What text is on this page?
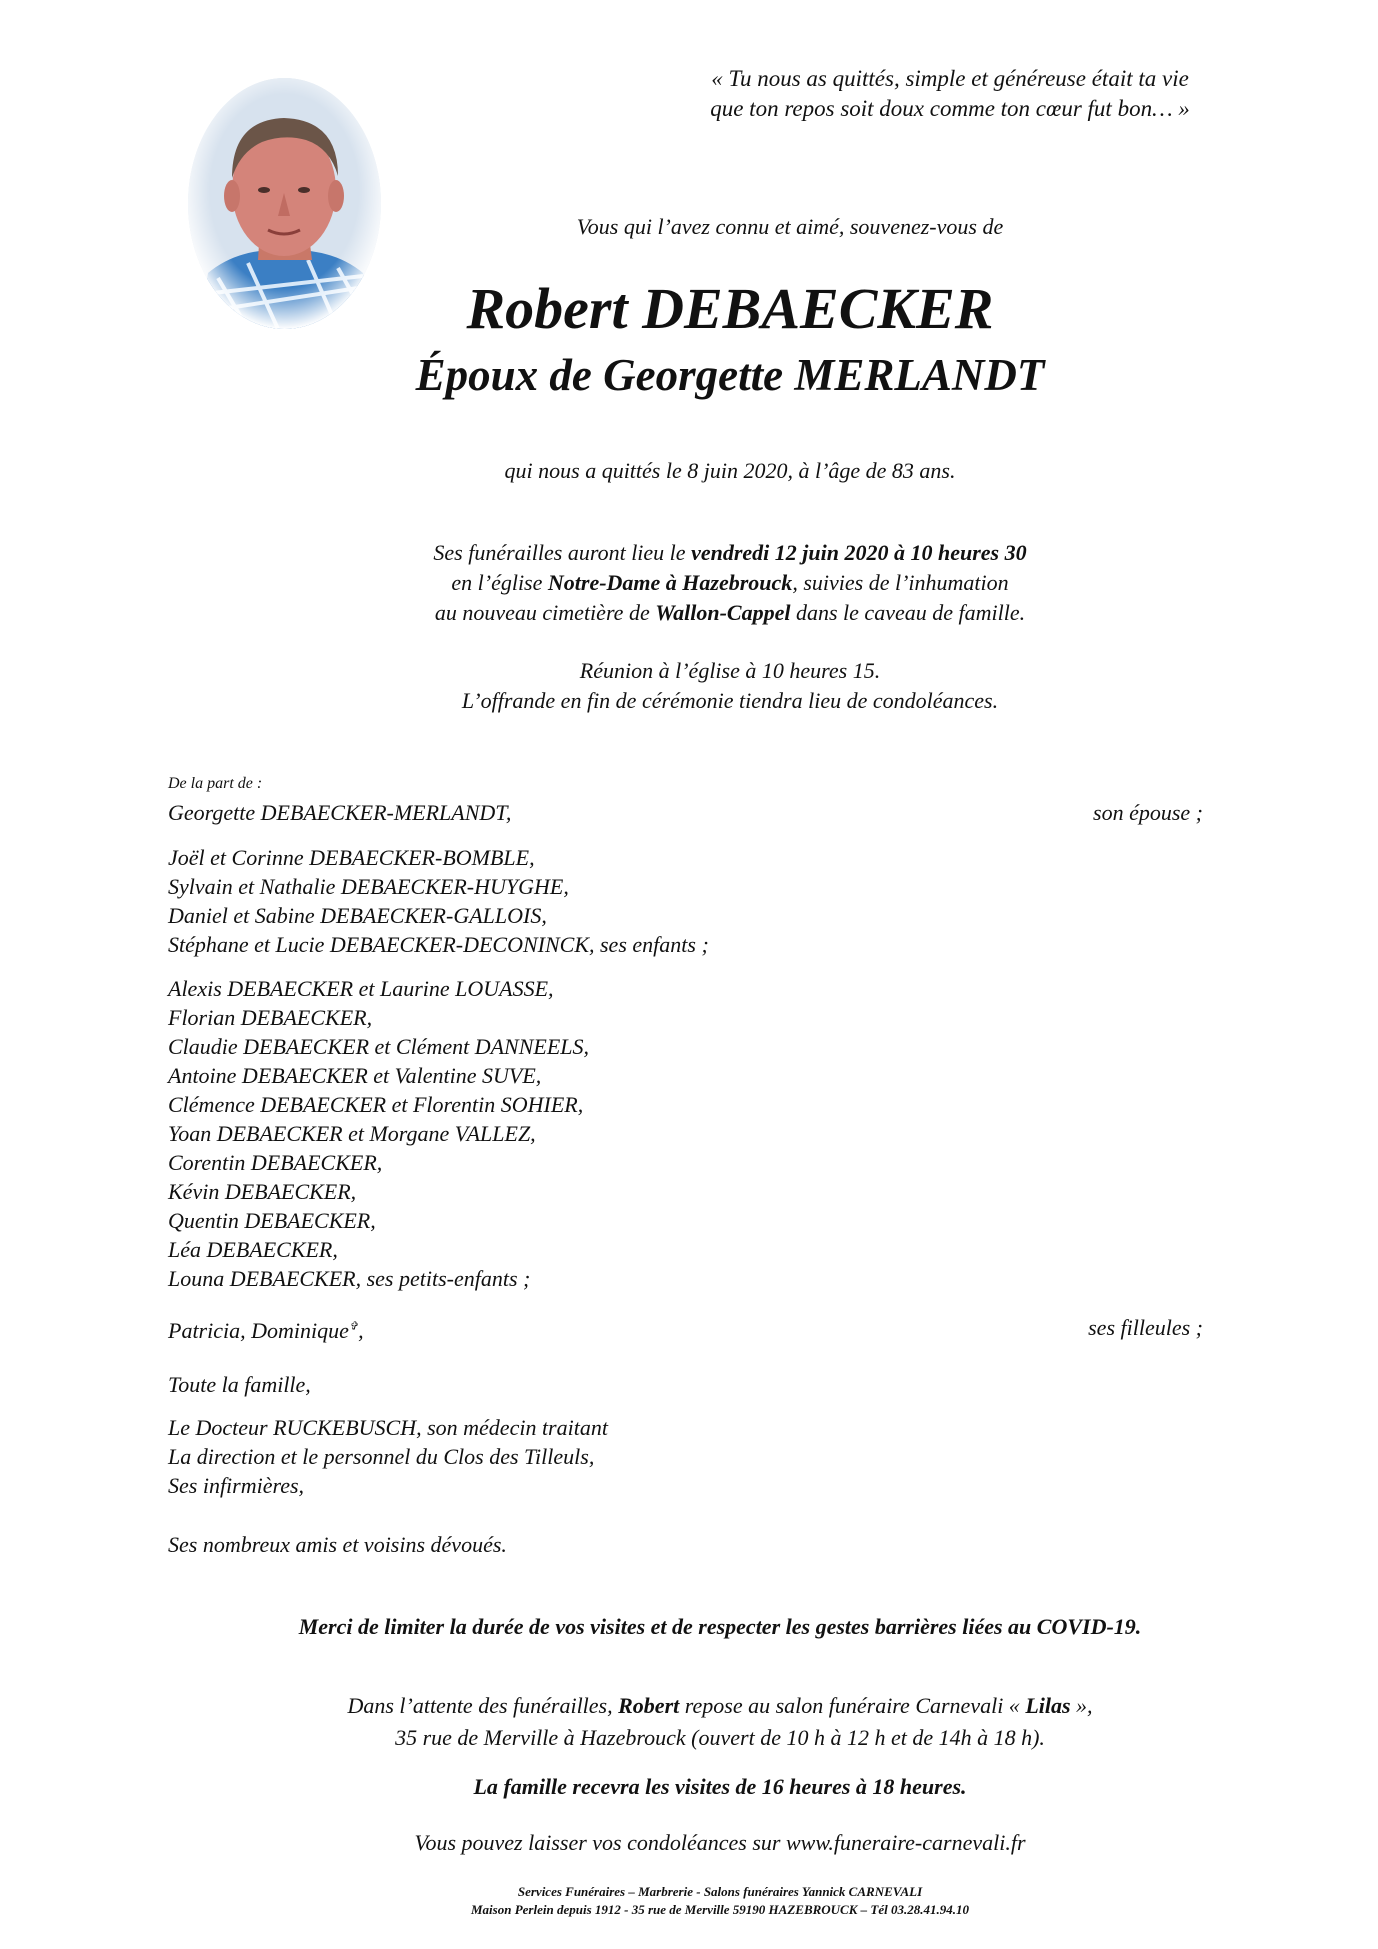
« Tu nous as quittés, simple et généreuse était ta vie
que ton repos soit doux comme ton cœur fut bon… »
Vous qui l’avez connu et aimé, souvenez-vous de
Robert DEBAECKER
Époux de Georgette MERLANDT
qui nous a quittés le 8 juin 2020, à l’âge de 83 ans.
Ses funérailles auront lieu le vendredi 12 juin 2020 à 10 heures 30
en l’église Notre-Dame à Hazebrouck, suivies de l’inhumation
au nouveau cimetière de Wallon-Cappel dans le caveau de famille.
Réunion à l’église à 10 heures 15.
L’offrande en fin de cérémonie tiendra lieu de condoléances.
De la part de :
Georgette DEBAECKER-MERLANDT,	son épouse ;
Joël et Corinne DEBAECKER-BOMBLE,
Sylvain et Nathalie DEBAECKER-HUYGHE,
Daniel et Sabine DEBAECKER-GALLOIS,
Stéphane et Lucie DEBAECKER-DECONINCK, ses enfants ;
Alexis DEBAECKER et Laurine LOUASSE,
Florian DEBAECKER,
Claudie DEBAECKER et Clément DANNEELS,
Antoine DEBAECKER et Valentine SUVE,
Clémence DEBAECKER et Florentin SOHIER,
Yoan DEBAECKER et Morgane VALLEZ,
Corentin DEBAECKER,
Kévin DEBAECKER,
Quentin DEBAECKER,
Léa DEBAECKER,
Louna DEBAECKER, ses petits-enfants ;
Patricia, Dominique✞,	ses filleules ;
Toute la famille,
Le Docteur RUCKEBUSCH, son médecin traitant
La direction et le personnel du Clos des Tilleuls,
Ses infirmières,
Ses nombreux amis et voisins dévoués.
Merci de limiter la durée de vos visites et de respecter les gestes barrières liées au COVID-19.
Dans l’attente des funérailles, Robert repose au salon funéraire Carnevali « Lilas »,
35 rue de Merville à Hazebrouck (ouvert de 10 h à 12 h et de 14h à 18 h).
La famille recevra les visites de 16 heures à 18 heures.
Vous pouvez laisser vos condoléances sur www.funeraire-carnevali.fr
Services Funéraires – Marbrerie - Salons funéraires Yannick CARNEVALI
Maison Perlein depuis 1912 - 35 rue de Merville 59190 HAZEBROUCK – Tél 03.28.41.94.10
